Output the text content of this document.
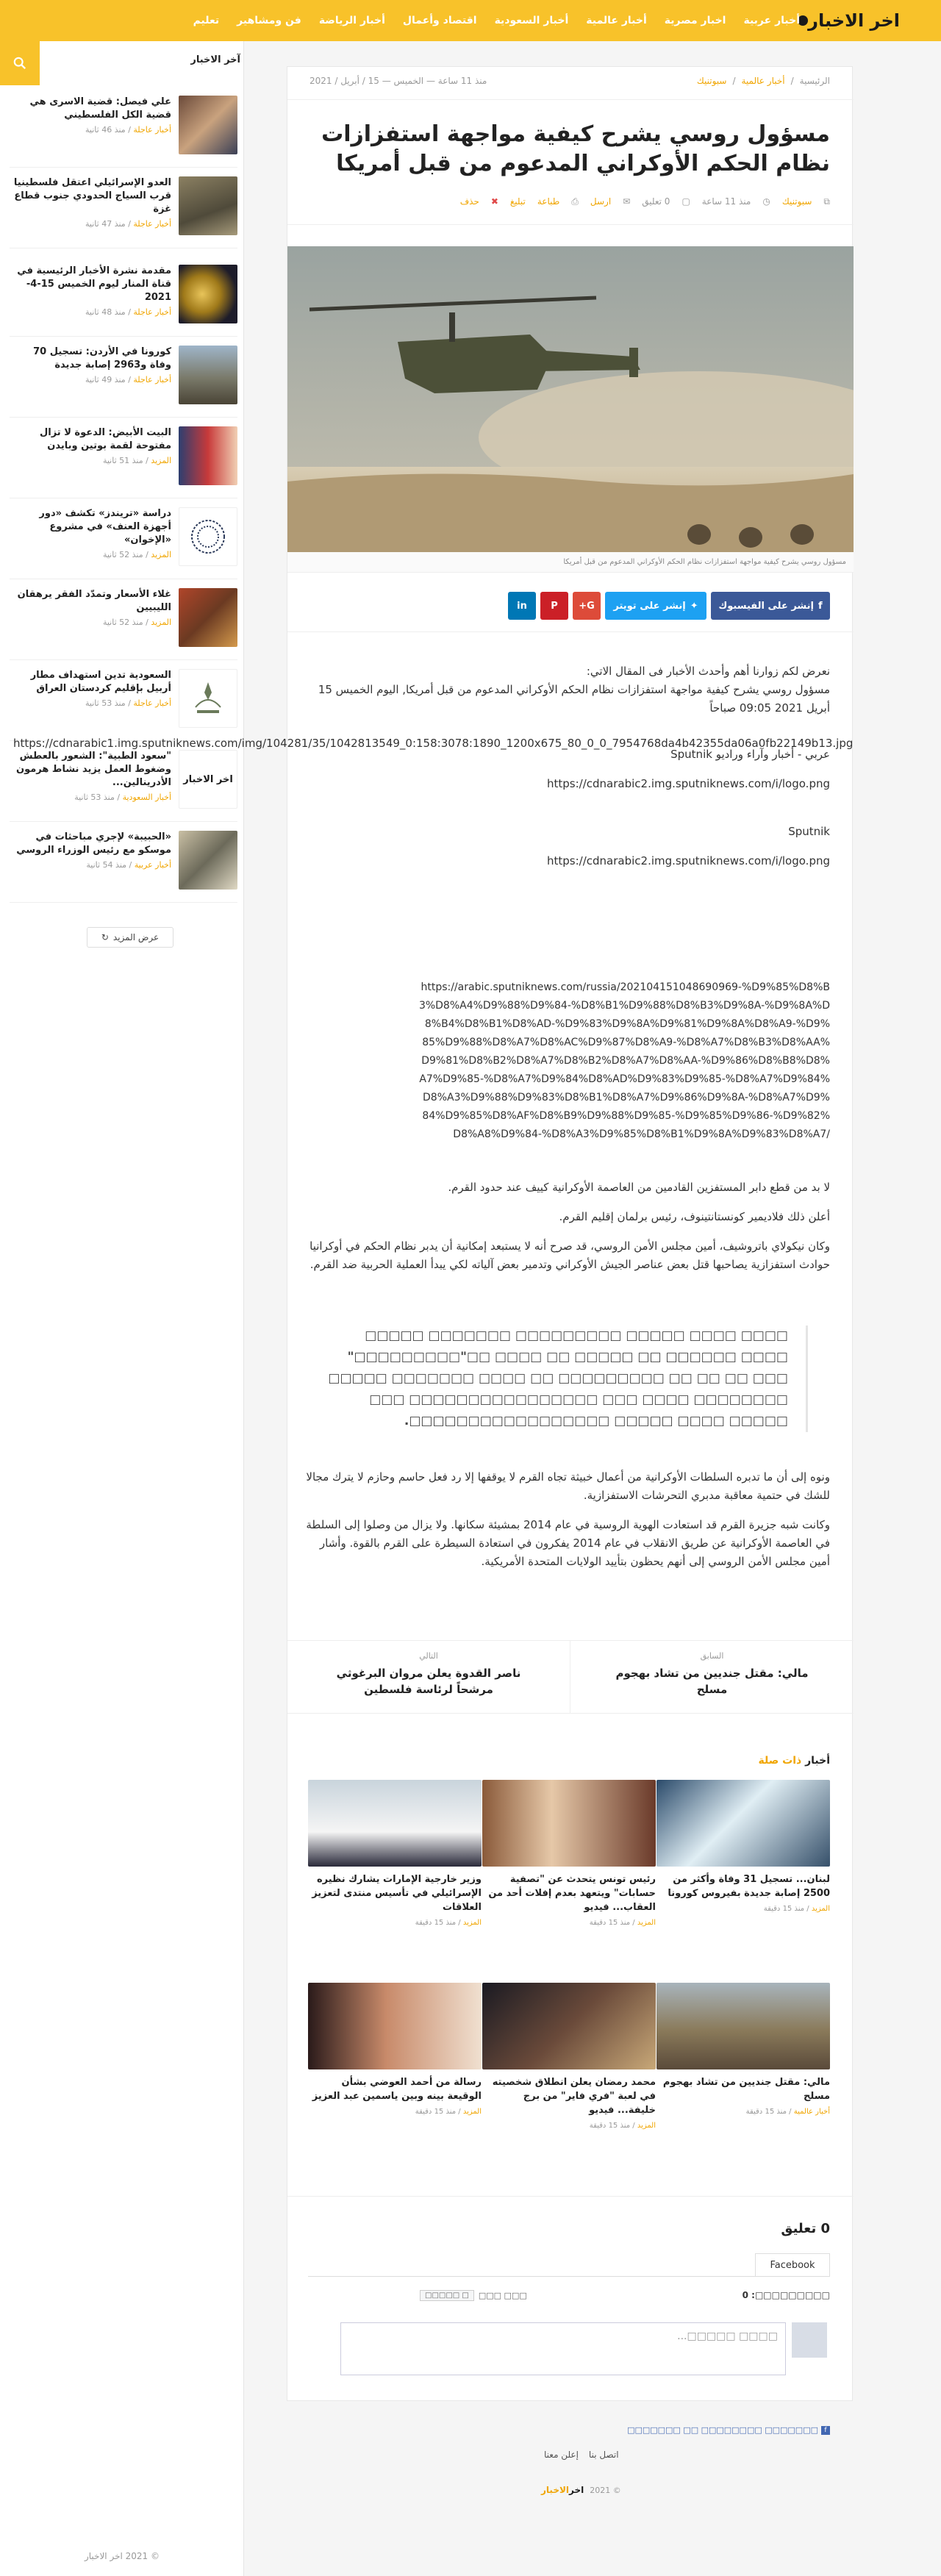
اخر الاخبار
أخبار عربية
اخبار مصرية
أخبار عالمية
أخبار السعودية
اقتصاد وأعمال
أخبار الرياضة
فن ومشاهير
تعليم
آخر الاخبار
علي فيصل: قضية الاسرى هي قضية الكل الفلسطيني
أخبار عاجلة / منذ 46 ثانية
العدو الإسرائيلي اعتقل فلسطينيا قرب السياج الحدودي جنوب قطاع غزة
أخبار عاجلة / منذ 47 ثانية
مقدمة نشرة الأخبار الرئيسية في قناة المنار ليوم الخميس 15-4-2021
أخبار عاجلة / منذ 48 ثانية
كورونا في الأردن: تسجيل 70 وفاة و2963 إصابة جديدة
أخبار عاجلة / منذ 49 ثانية
البيت الأبيض: الدعوة لا تزال مفتوحة لقمة بوتين وبايدن
المزيد / منذ 51 ثانية
دراسة «تريندز» تكشف «دور أجهزة العنف» في مشروع «الإخوان»
المزيد / منذ 52 ثانية
غلاء الأسعار وتمدّد الفقر يرهقان الليبيين
المزيد / منذ 52 ثانية
السعودية تدين استهداف مطار أربيل بإقليم كردستان العراق
أخبار عاجلة / منذ 53 ثانية
اخر الاخبار
"سعود الطبية": الشعور بالعطش وضغوط العمل يزيد نشاط هرمون الأدرينالين...
أخبار السعودية / منذ 53 ثانية
«الحبيبة» لإجري مباحثات في موسكو مع رئيس الوزراء الروسي
أخبار عربية / منذ 54 ثانية
عرض المزيد
↻
© 2021 اخر الاخبار
الرئيسية
/
أخبار عالمية
/
سبوتنيك
منذ 11 ساعة — الخميس — 15 / أبريل / 2021
مسؤول روسي يشرح كيفية مواجهة استفزازات نظام الحكم الأوكراني المدعوم من قبل أمريكا
⧉
سبوتنيك
◷
منذ 11 ساعة
▢
0 تعليق
✉
ارسل
⎙
طباعة
تبليغ
✖
حذف
مسؤول روسي يشرح كيفية مواجهة استفزازات نظام الحكم الأوكراني المدعوم من قبل أمريكا
f
إنشر على الفيسبوك
✦
إنشر على تويتر
G+
P
in

نعرض لكم زوارنا أهم وأحدث الأخبار فى المقال الاتي:

مسؤول روسي يشرح كيفية مواجهة استفزازات نظام الحكم الأوكراني المدعوم من قبل أمريكا, اليوم الخميس 15 أبريل 2021 09:05 صباحاً

عربي - أخبار وآراء وراديو Sputnik

https://cdnarabic2.img.sputniknews.com/i/logo.png

Sputnik

https://cdnarabic2.img.sputniknews.com/i/logo.png

https://arabic.sputniknews.com/russia/202104151048690969-%D9%85%D8%B3%D8%A4%D9%88%D9%84-%D8%B1%D9%88%D8%B3%D9%8A-%D9%8A%D8%B4%D8%B1%D8%AD-%D9%83%D9%8A%D9%81%D9%8A%D8%A9-%D9%85%D9%88%D8%A7%D8%AC%D9%87%D8%A9-%D8%A7%D8%B3%D8%AA%D9%81%D8%B2%D8%A7%D8%B2%D8%A7%D8%AA-%D9%86%D8%B8%D8%A7%D9%85-%D8%A7%D9%84%D8%AD%D9%83%D9%85-%D8%A7%D9%84%D8%A3%D9%88%D9%83%D8%B1%D8%A7%D9%86%D9%8A-%D8%A7%D9%84%D9%85%D8%AF%D8%B9%D9%88%D9%85-%D9%85%D9%86-%D9%82%D8%A8%D9%84-%D8%A3%D9%85%D8%B1%D9%8A%D9%83%D8%A7/

لا بد من قطع دابر المستفزين القادمين من العاصمة الأوكرانية كييف عند حدود القرم.

أعلن ذلك فلاديمير كونستانتينوف، رئيس برلمان إقليم القرم.

وكان نيكولاي باتروشيف، أمين مجلس الأمن الروسي، قد صرح أنه لا يستبعد إمكانية أن يدبر نظام الحكم في أوكرانيا حوادث استفزازية يصاحبها قتل بعض عناصر الجيش الأوكراني وتدمير بعض آلياته لكي يبدأ العملية الحربية ضد القرم.

□□□□ □□□□ □□□□□ □□□□□□□□□ □□□□□□□ □□□□□ □□□□ □□□□□□ □□ □□□□□ □□ □□□□ □□"□□□□□□□□□" □□□ □□ □□ □□ □□□□□□□□□ □□ □□□□ □□□□□□□ □□□□□ □□□□□□□□ □□□□ □□□ □□□□□□□□□□□□□□□□ □□□ □□□□□ □□□□ □□□□□ □□□□□□□□□□□□□□□□□.

ونوه إلى أن ما تدبره السلطات الأوكرانية من أعمال خبيثة تجاه القرم لا يوقفها إلا رد فعل حاسم وحازم لا يترك مجالا للشك في حتمية معاقبة مدبري التحرشات الاستفزازية.

وكانت شبه جزيرة القرم قد استعادت الهوية الروسية في عام 2014 بمشيئة سكانها. ولا يزال من وصلوا إلى السلطة في العاصمة الأوكرانية عن طريق الانقلاب في عام 2014 يفكرون في استعادة السيطرة على القرم بالقوة. وأشار أمين مجلس الأمن الروسي إلى أنهم يحظون بتأييد الولايات المتحدة الأمريكية.

السابق
مالي: مقتل جنديين من تشاد بهجوم مسلح
التالي
ناصر القدوة يعلن مروان البرغوثي مرشحاً لرئاسة فلسطين
أخبار ذات صلة
لبنان... تسجيل 31 وفاة وأكثر من 2500 إصابة جديدة بفيروس كورونا
المزيد / منذ 15 دقيقة
رئيس تونس يتحدث عن "تصفية حسابات" ويتعهد بعدم إفلات أحد من العقاب... فيديو
المزيد / منذ 15 دقيقة
وزير خارجية الإمارات يشارك نظيره الإسرائيلي في تأسيس منتدى لتعزيز العلاقات
المزيد / منذ 15 دقيقة
مالي: مقتل جنديين من تشاد بهجوم مسلح
أخبار عالمية / منذ 15 دقيقة
محمد رمضان يعلن انطلاق شخصيته في لعبة "فري فاير" من برج خليفة... فيديو
المزيد / منذ 15 دقيقة
رسالة من أحمد العوضي بشأن الوقيعة بينه وبين ياسمين عبد العزيز
المزيد / منذ 15 دقيقة
0 تعليق
Facebook
□□□□□□□□□: 0
□□□ □□□
□ □□□□□
□□□□ □□□□□...
f
□□□□□□□ □□□□□□□□ □□ □□□□□□□
اتصل بنا
إعلن معنا
© 2021
اخرالاخبار
https://cdnarabic1.img.sputniknews.com/img/104281/35/1042813549_0:158:3078:1890_1200x675_80_0_0_7954768da4b42355da06a0fb22149b13.jpg
